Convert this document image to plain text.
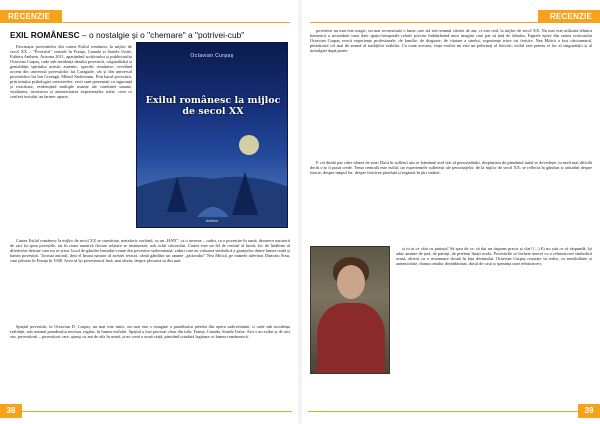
RECENZIE
EXIL ROMÂNESC – o nostalgie și o "chemare" a "potrivei-cub"

Fascinația povestitelor din cartea Exilul românesc la mijloc de secol XX – "Povestiri" vernale în Franța, Canada și Statele Unite, Editura Anthem, Arizona 2011, aparținând scriitorului și publicistului Octavian Curpaș, cade sub incidența darului povestirii, originalității și genialității spiritului artistic autentic, specific românesc, revelând accent din universul povestirilor lui Caragiale, cât și din universul povestirilor lui Ion Creangă, Mihail Sadoveanu. Prin harul povestirii, prin intuiția psihologiei caracterelor, eroii sunt prezentați cu siguranță și exactitate, evidențiind multiple nuanțe ale conduitei umane, vitalitatea, istorisirea și autenticitatea experiențelor trăite, ceea ce conferă textului un farmec aparte.

Octavian Curpaș
Exilul românesc la mijloc de secol XX
Anthem

Cartea Exilul românesc la mijloc de secol XX se constituie, metaforic vorbind, ca un „HAN”, ca o taverne – cadru, ca o povestire în ramă, deoarece naratorii de aici își spun poveștile, iar în rama narativă fiecare relatare se insinuează, sub ochii cititorului. Cartea este un fel de centrul al lumii, loc de întâlnire al diferitelor destine care nu se știau: locul de gândire hamulut-cetate din povestire sadoveniană, ziduri care au valoarea simbolică a granițelor dintre lumea reală și lumea povestirii. Tocmai autorul, deși el însuși narator al acestei texturi, cântă gânditor un anume „pictorului” Nea Mitică, pe numele adevărat Dumitru Sinu, care plecase în Franța în 1948. Avea să își povestească însă, mai târziu, despre plecarea sa din țară.

Spațiul povestirii, la Octavian D. Curpaș, nu mai este mitic, nu mai este o imagine a paradisului pierdut din opera sadoveniană, ci cade sub incidența realității, sub semnul paradisului necesar, regăsit, în lumea exilului. Spațiul a fost precizat chiar din titlu: Franța, Canada, Statele Unite. Aici s-au exilat și de aici vin, povestitorii – povestitori care, ajunși cu ani de zile în urmă, și-au creat o nouă viață, păstrând totodată legătura cu lumea românească.

38
RECENZIE

povestirii nu mai este magic, nu mai reconstituie o lume care stă sub semnul vârstei de aur, ci este real, la mijloc de secol XX. Nu mai este utilizată tehnica homerică a secundarii unor date spațio-temporale relativ precise îmbătrânind unor imagini care par să țină de fabulos. Faptele epice din cartea scriitorului Octavian Curpaș evocă experiențe profesionale, de familie, de dragoste, de căutare a sinelui, experiențe triste ori fericite. Nea Mitică a fost cârciumarul, păstrătorul cel mai de seamă al tradițiilor exilului. Cu toate acestea, viața eroilor nu este un pelerinaj al fericirii: exilul este pentru ei loc al singurătății și al nostalgiei după patrie.

E cel dintâi pas către afarea de sine; Dacă în sufletul său se frământă acel sfat al personalității, despărțirea de pământul natal se dovedește cu mult mai dificilă decât s-ar fi putut crede. Tema centrală este exilul, iar experiențele sufletești ale personajelor, de la mijloc de secol XX, se reflectă în gânduri și atitudini despre istorie, despre timpul lor, despre fericirea pierdută și regăsită în țări străine.

și tu ai ce câta cu putința? Să spui de ce, să dai un răspuns precis și clar! (...) Ei nu știu ce să răspundă, își aduc aminte de țară, de părinți, de prieteni lăsați acolo. Povestirile se încheie uneori cu o reîntoarcere simbolică acasă, alteori cu o resemnare tăcută în fața destinului. Octavian Curpaș reușește să redea, cu sensibilitate și autenticitate, drama omului dezrădăcinat, dorul de casă și speranța unei reîntoarceri.

39
